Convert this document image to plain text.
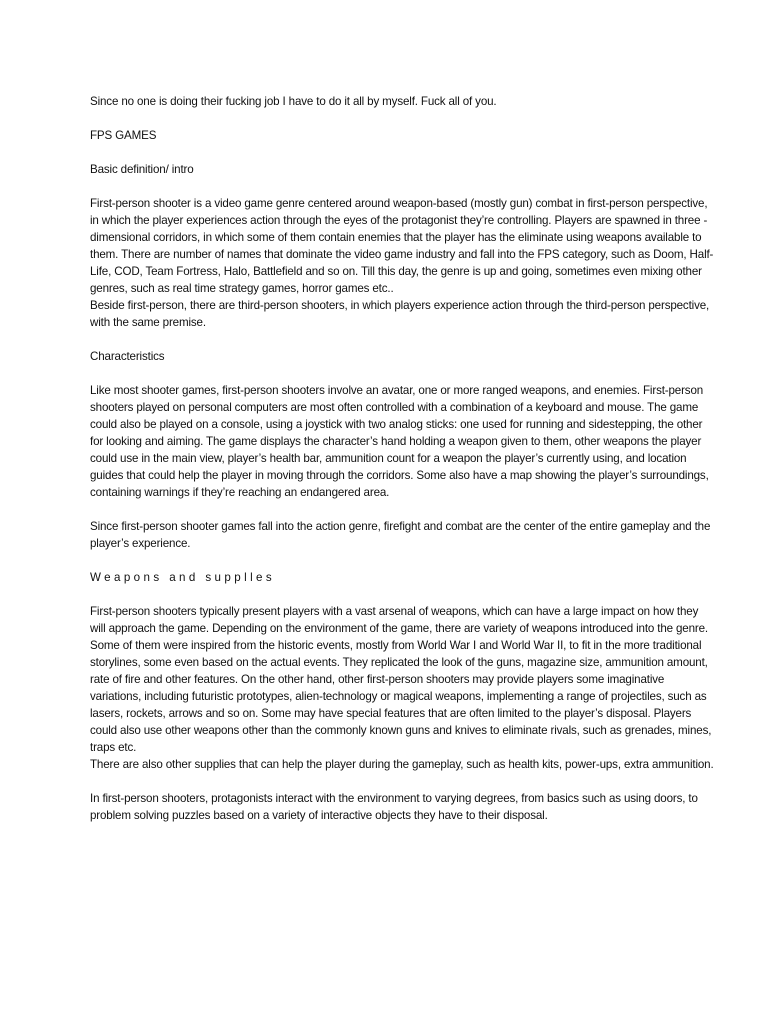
Since no one is doing their fucking job I have to do it all by myself. Fuck all of you.

FPS GAMES

Basic definition/ intro

First-person shooter is a video game genre centered around weapon-based (mostly gun) combat in first-person perspective, in which the player experiences action through the eyes of the protagonist they’re controlling. Players are spawned in three -dimensional corridors, in which some of them contain enemies that the player has the eliminate using weapons available to them. There are number of names that dominate the video game industry and fall into the FPS category, such as Doom, Half-Life, COD, Team Fortress, Halo, Battlefield and so on. Till this day, the genre is up and going, sometimes even mixing other genres, such as real time strategy games, horror games etc..

Beside first-person, there are third-person shooters, in which players experience action through the third-person perspective, with the same premise.

Characteristics

Like most shooter games, first-person shooters involve an avatar, one or more ranged weapons, and enemies. First-person shooters played on personal computers are most often controlled with a combination of a keyboard and mouse. The game could also be played on a console, using a joystick with two analog sticks: one used for running and sidestepping, the other for looking and aiming. The game displays the character’s hand holding a weapon given to them, other weapons the player could use in the main view, player’s health bar, ammunition count for a weapon the player’s currently using, and location guides that could help the player in moving through the corridors. Some also have a map showing the player’s surroundings, containing warnings if they’re reaching an endangered area.

Since first-person shooter games fall into the action genre, firefight and combat are the center of the entire gameplay and the player’s experience.

Weapons and supplles

First-person shooters typically present players with a vast arsenal of weapons, which can have a large impact on how they will approach the game. Depending on the environment of the game, there are variety of weapons introduced into the genre. Some of them were inspired from the historic events, mostly from World War I and World War II, to fit in the more traditional storylines, some even based on the actual events. They replicated the look of the guns, magazine size, ammunition amount, rate of fire and other features. On the other hand, other first-person shooters may provide players some imaginative variations, including futuristic prototypes, alien-technology or magical weapons, implementing a range of projectiles, such as lasers, rockets, arrows and so on. Some may have special features that are often limited to the player’s disposal. Players could also use other weapons other than the commonly known guns and knives to eliminate rivals, such as grenades, mines, traps etc.

There are also other supplies that can help the player during the gameplay, such as health kits, power-ups, extra ammunition.

In first-person shooters, protagonists interact with the environment to varying degrees, from basics such as using doors, to problem solving puzzles based on a variety of interactive objects they have to their disposal.
